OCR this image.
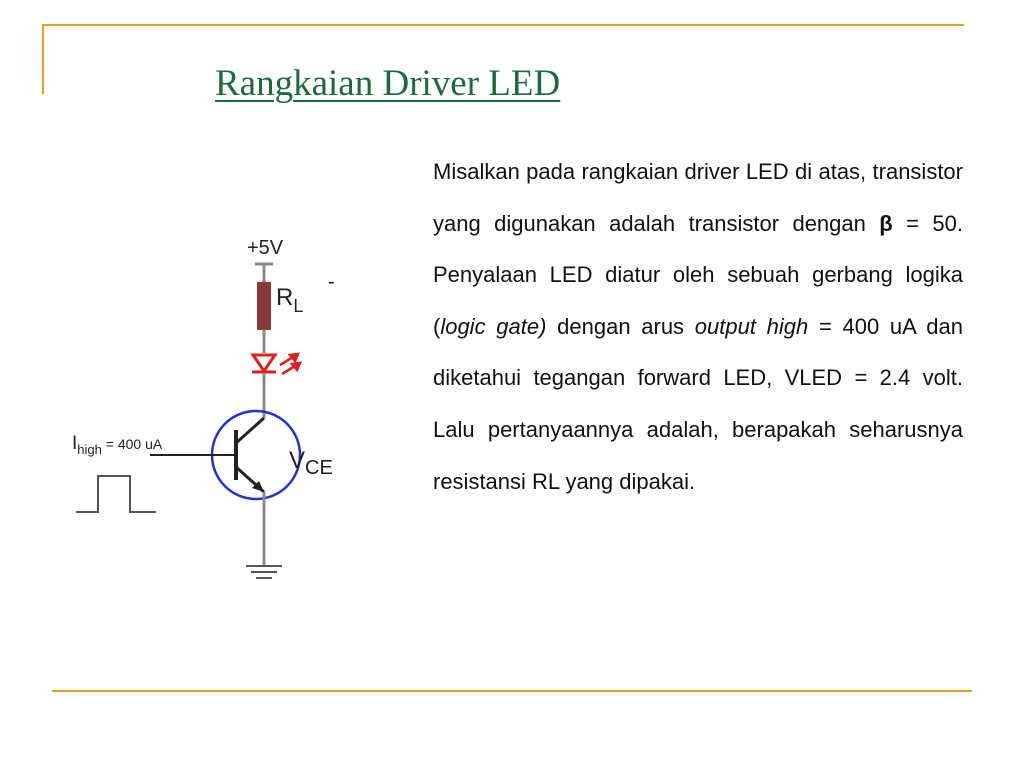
Rangkaian Driver LED
+5V
$R_L$
-
$I_{high}$ $^{= 400 uA}$
$V_{CE}$
Misalkan pada rangkaian driver LED di atas, transistor yang digunakan adalah transistor dengan β = 50. Penyalaan LED diatur oleh sebuah gerbang logika (logic gate) dengan arus output high = 400 uA dan diketahui tegangan forward LED, VLED = 2.4 volt. Lalu pertanyaannya adalah, berapakah seharusnya resistansi RL yang dipakai.
